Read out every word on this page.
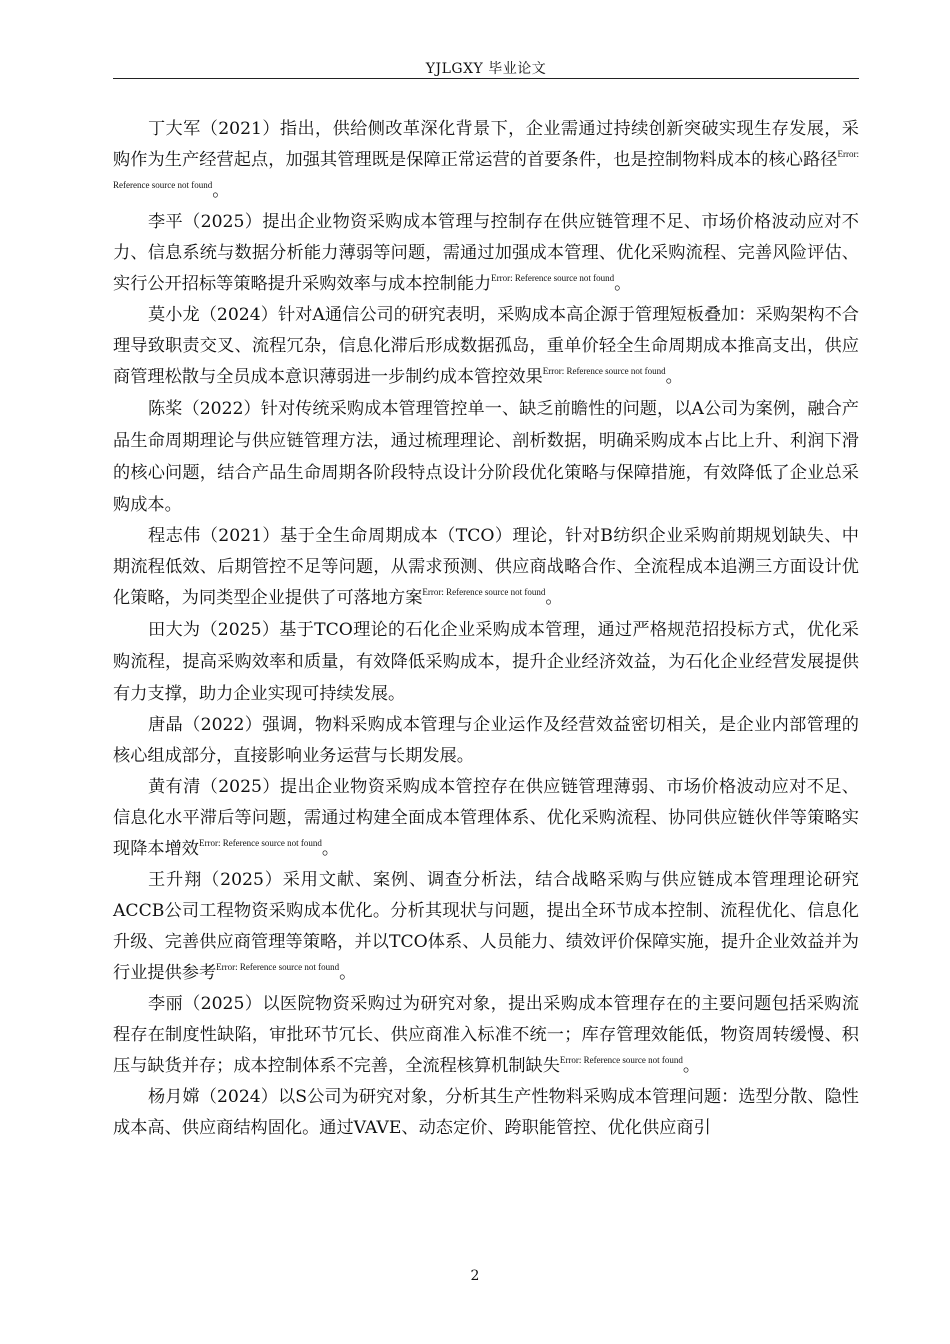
YJLGXY 毕业论文

丁大军（2021）指出，供给侧改革深化背景下，企业需通过持续创新突破实现生存发展，采购作为生产经营起点，加强其管理既是保障正常运营的首要条件，也是控制物料成本的核心路径$^{Error: Reference source not found}$。

李平（2025）提出企业物资采购成本管理与控制存在供应链管理不足、市场价格波动应对不力、信息系统与数据分析能力薄弱等问题，需通过加强成本管理、优化采购流程、完善风险评估、实行公开招标等策略提升采购效率与成本控制能力$^{Error: Reference source not found}$。

莫小龙（2024）针对A通信公司的研究表明，采购成本高企源于管理短板叠加：采购架构不合理导致职责交叉、流程冗杂，信息化滞后形成数据孤岛，重单价轻全生命周期成本推高支出，供应商管理松散与全员成本意识薄弱进一步制约成本管控效果$^{Error: Reference source not found}$。

陈桨（2022）针对传统采购成本管理管控单一、缺乏前瞻性的问题，以A公司为案例，融合产品生命周期理论与供应链管理方法，通过梳理理论、剖析数据，明确采购成本占比上升、利润下滑的核心问题，结合产品生命周期各阶段特点设计分阶段优化策略与保障措施，有效降低了企业总采购成本。

程志伟（2021）基于全生命周期成本（TCO）理论，针对B纺织企业采购前期规划缺失、中期流程低效、后期管控不足等问题，从需求预测、供应商战略合作、全流程成本追溯三方面设计优化策略，为同类型企业提供了可落地方案$^{Error: Reference source not found}$。

田大为（2025）基于TCO理论的石化企业采购成本管理，通过严格规范招投标方式，优化采购流程，提高采购效率和质量，有效降低采购成本，提升企业经济效益，为石化企业经营发展提供有力支撑，助力企业实现可持续发展。

唐晶（2022）强调，物料采购成本管理与企业运作及经营效益密切相关，是企业内部管理的核心组成部分，直接影响业务运营与长期发展。

黄有清（2025）提出企业物资采购成本管控存在供应链管理薄弱、市场价格波动应对不足、信息化水平滞后等问题，需通过构建全面成本管理体系、优化采购流程、协同供应链伙伴等策略实现降本增效$^{Error: Reference source not found}$。

王升翔（2025）采用文献、案例、调查分析法，结合战略采购与供应链成本管理理论研究ACCB公司工程物资采购成本优化。分析其现状与问题，提出全环节成本控制、流程优化、信息化升级、完善供应商管理等策略，并以TCO体系、人员能力、绩效评价保障实施，提升企业效益并为行业提供参考$^{Error: Reference source not found}$。

李丽（2025）以医院物资采购过为研究对象，提出采购成本管理存在的主要问题包括采购流程存在制度性缺陷，审批环节冗长、供应商准入标准不统一；库存管理效能低，物资周转缓慢、积压与缺货并存；成本控制体系不完善，全流程核算机制缺失$^{Error: Reference source not found}$。

杨月嫦（2024）以S公司为研究对象，分析其生产性物料采购成本管理问题：选型分散、隐性成本高、供应商结构固化。通过VAVE、动态定价、跨职能管控、优化供应商引

2
